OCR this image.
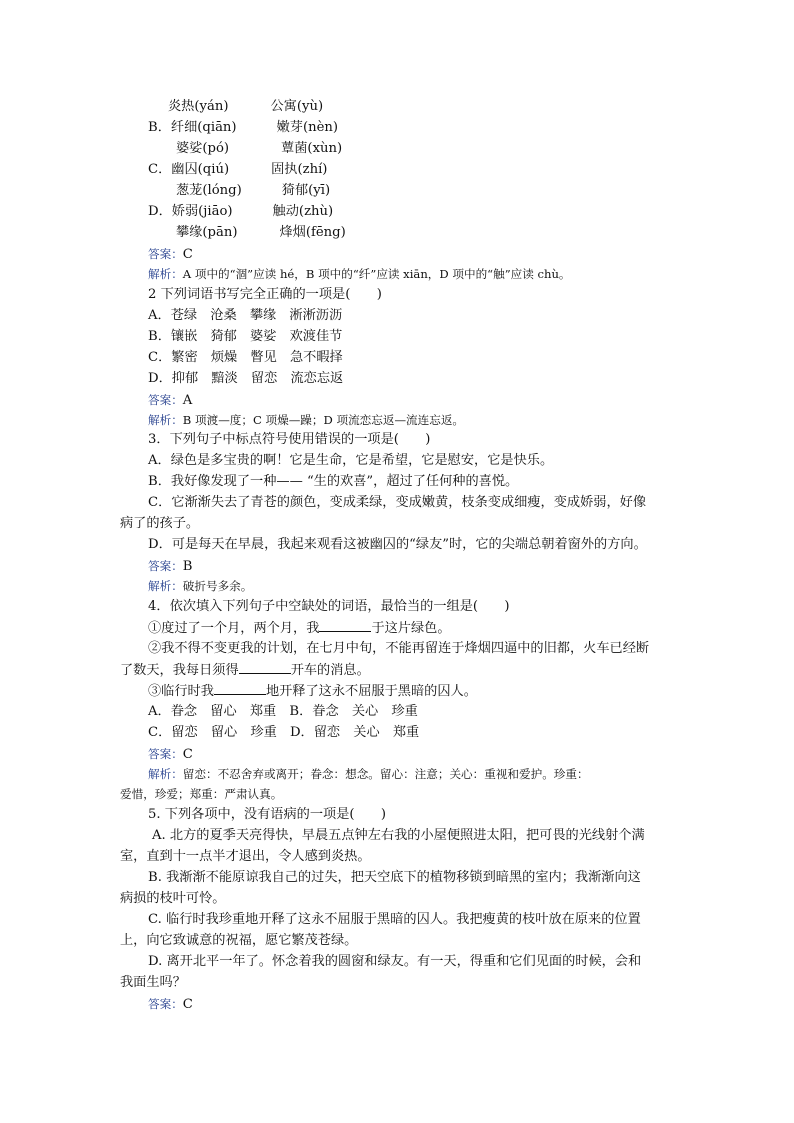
炎热(yán)	公寓(yù)
B．纤细(qiān)	嫩芽(nèn)
婆娑(pó)	蕈菌(xùn)
C．幽囚(qiú)	固执(zhí)
葱茏(lóng)	猗郁(yī)
D．娇弱(jiāo)	触动(zhù)
攀缘(pān)	烽烟(fēng)
答案：C
解析：A 项中的“涸”应读 hé，B 项中的“纤”应读 xiān，D 项中的“触”应读 chù。
2 下列词语书写完全正确的一项是(　　)
A．苍绿　沧桑　攀缘　淅淅沥沥
B．镶嵌　猗郁　婆娑　欢渡佳节
C．繁密　烦燥　瞥见　急不暇择
D．抑郁　黯淡　留恋　流恋忘返
答案：A
解析：B 项渡—度；C 项燥—躁；D 项流恋忘返—流连忘返。
3．下列句子中标点符号使用错误的一项是(　　)
A．绿色是多宝贵的啊！它是生命，它是希望，它是慰安，它是快乐。
B．我好像发现了一种—— “生的欢喜”，超过了任何种的喜悦。
C．它渐渐失去了青苍的颜色，变成柔绿，变成嫩黄，枝条变成细瘦，变成娇弱，好像
病了的孩子。
D．可是每天在早晨，我起来观看这被幽囚的“绿友”时，它的尖端总朝着窗外的方向。
答案：B
解析：破折号多余。
4．依次填入下列句子中空缺处的词语，最恰当的一组是(　　)
①度过了一个月，两个月，我	于这片绿色。
②我不得不变更我的计划，在七月中旬，不能再留连于烽烟四逼中的旧都，火车已经断
了数天，我每日须得	开车的消息。
③临行时我	地开释了这永不屈服于黑暗的囚人。
A．眷念　留心　郑重　B．眷念　关心　珍重
C．留恋　留心　珍重　D．留恋　关心　郑重
答案：C
解析：留恋：不忍舍弃或离开；眷念：想念。留心：注意；关心：重视和爱护。珍重：
爱惜，珍爱；郑重：严肃认真。
5. 下列各项中，没有语病的一项是(　　)
A. 北方的夏季天亮得快，早晨五点钟左右我的小屋便照进太阳，把可畏的光线射个满
室，直到十一点半才退出，令人感到炎热。
B. 我渐渐不能原谅我自己的过失，把天空底下的植物移锁到暗黑的室内；我渐渐向这
病损的枝叶可怜。
C. 临行时我珍重地开释了这永不屈服于黑暗的囚人。我把瘦黄的枝叶放在原来的位置
上，向它致诚意的祝福，愿它繁茂苍绿。
D. 离开北平一年了。怀念着我的圆窗和绿友。有一天，得重和它们见面的时候，会和
我面生吗？
答案：C
